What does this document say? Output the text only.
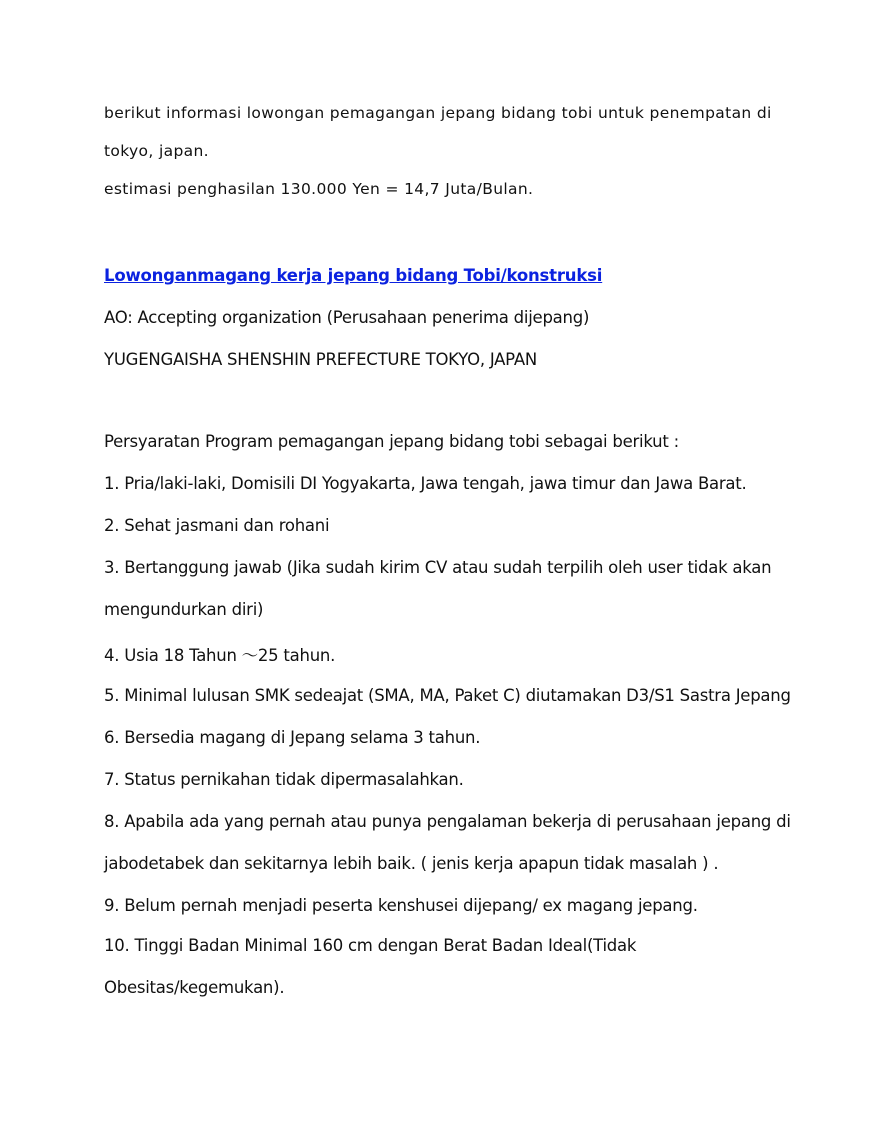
berikut informasi lowongan pemagangan jepang bidang tobi untuk penempatan di

tokyo, japan.

estimasi penghasilan 130.000 Yen = 14,7 Juta/Bulan.

Lowonganmagang kerja jepang bidang Tobi/konstruksi

AO: Accepting organization (Perusahaan penerima dijepang)

YUGENGAISHA SHENSHIN PREFECTURE TOKYO, JAPAN

Persyaratan Program pemagangan jepang bidang tobi sebagai berikut :

1. Pria/laki-laki, Domisili DI Yogyakarta, Jawa tengah, jawa timur dan Jawa Barat.

2. Sehat jasmani dan rohani

3. Bertanggung jawab (Jika sudah kirim CV atau sudah terpilih oleh user tidak akan

mengundurkan diri)

4. Usia 18 Tahun ～25 tahun.

5. Minimal lulusan SMK sedeajat (SMA, MA, Paket C) diutamakan D3/S1 Sastra Jepang

6. Bersedia magang di Jepang selama 3 tahun.

7. Status pernikahan tidak dipermasalahkan.

8. Apabila ada yang pernah atau punya pengalaman bekerja di perusahaan jepang di

jabodetabek dan sekitarnya lebih baik. ( jenis kerja apapun tidak masalah ) .

9. Belum pernah menjadi peserta kenshusei dijepang/ ex magang jepang.

10. Tinggi Badan Minimal 160 cm dengan Berat Badan Ideal(Tidak

Obesitas/kegemukan).
